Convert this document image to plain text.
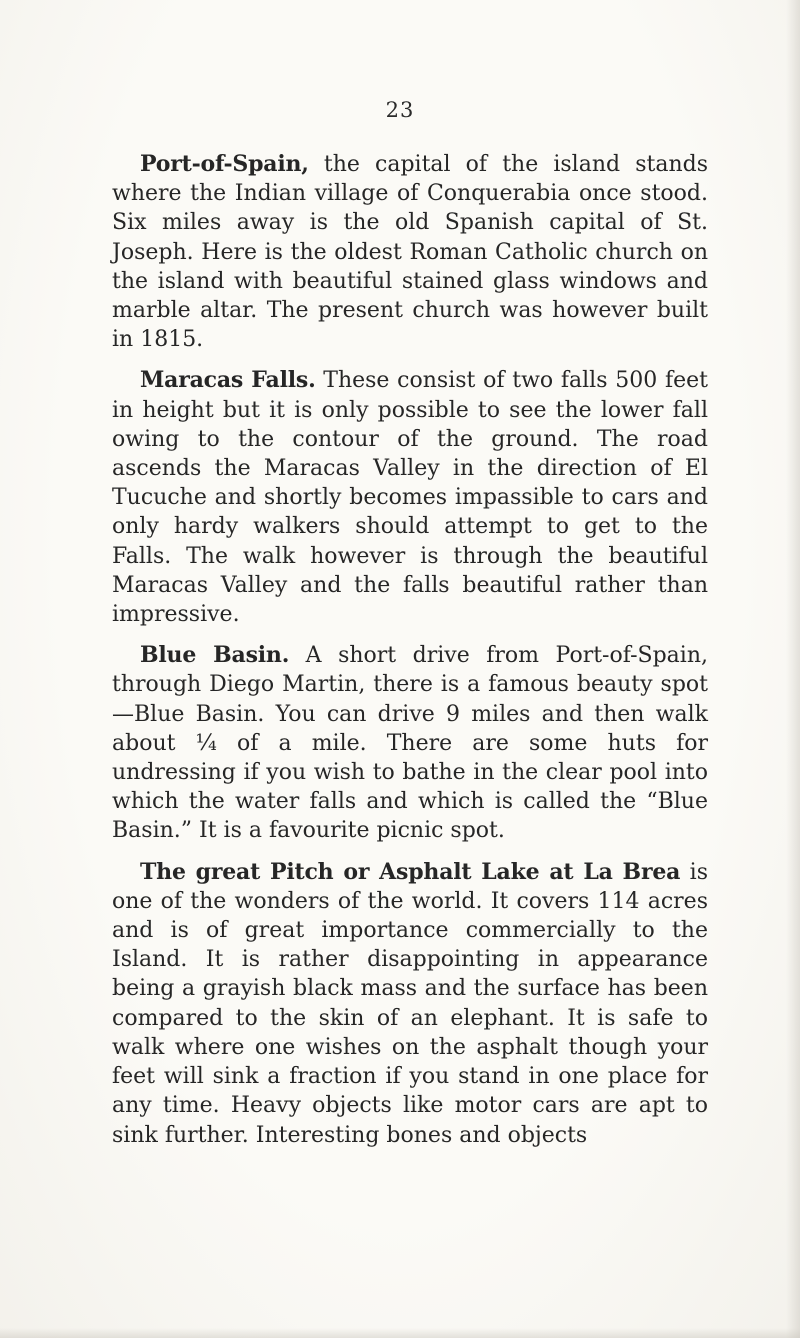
23

Port-of-Spain, the capital of the island stands where the Indian village of Conquerabia once stood. Six miles away is the old Spanish capital of St. Joseph. Here is the oldest Roman Catholic church on the island with beautiful stained glass windows and marble altar. The present church was however built in 1815.

Maracas Falls. These consist of two falls 500 feet in height but it is only possible to see the lower fall owing to the contour of the ground. The road ascends the Maracas Valley in the direction of El Tucuche and shortly becomes impassible to cars and only hardy walkers should attempt to get to the Falls. The walk however is through the beautiful Maracas Valley and the falls beautiful rather than impressive.

Blue Basin. A short drive from Port-of-Spain, through Diego Martin, there is a famous beauty spot—Blue Basin. You can drive 9 miles and then walk about ¼ of a mile. There are some huts for undressing if you wish to bathe in the clear pool into which the water falls and which is called the “Blue Basin.” It is a favourite picnic spot.

The great Pitch or Asphalt Lake at La Brea is one of the wonders of the world. It covers 114 acres and is of great importance commercially to the Island. It is rather disappointing in appearance being a grayish black mass and the surface has been compared to the skin of an elephant. It is safe to walk where one wishes on the asphalt though your feet will sink a fraction if you stand in one place for any time. Heavy objects like motor cars are apt to sink further. Interesting bones and objects
